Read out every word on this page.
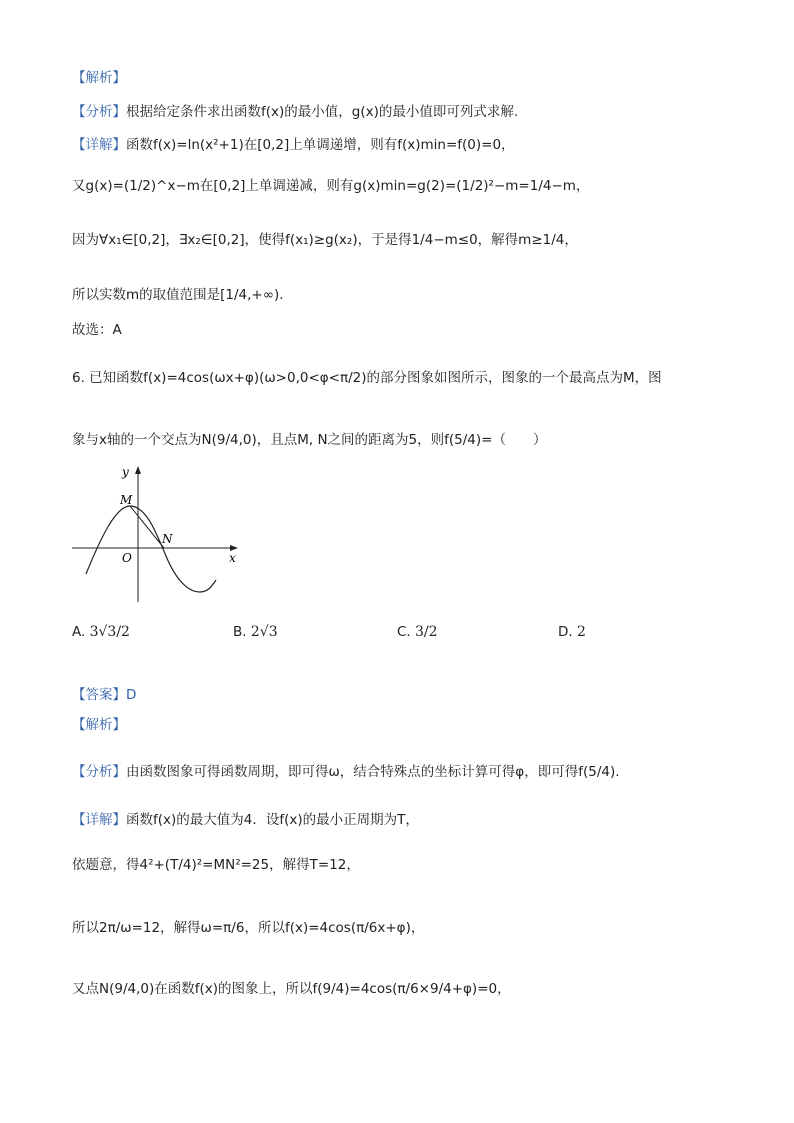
【解析】
【分析】 根据给定条件求出函数f(x)的最小值，g(x)的最小值即可列式求解.
【详解】 函数f(x)=ln(x²+1)在[0,2]上单调递增，则有f(x)min=f(0)=0，
又g(x)=(1/2)^x−m在[0,2]上单调递减，则有g(x)min=g(2)=(1/2)²−m=1/4−m，
因为∀x₁∈[0,2]，∃x₂∈[0,2]，使得f(x₁)≥g(x₂)，于是得1/4−m≤0，解得m≥1/4，
所以实数m的取值范围是[1/4,+∞).
故选：A
6. 已知函数f(x)=4cos(ωx+φ)(ω>0,0<φ<π/2)的部分图象如图所示，图象的一个最高点为M，图
象与x轴的一个交点为N(9/4,0)，且点M, N之间的距离为5，则f(5/4)=（　　）
y
x
M
N
O
A.
3√3/2	B.
2√3	C.
3/2	D.
2
【答案】D
【解析】
【分析】 由函数图象可得函数周期，即可得ω，结合特殊点的坐标计算可得φ，即可得f(5/4).
【详解】 函数f(x)的最大值为4．设f(x)的最小正周期为T，
依题意，得4²+(T/4)²=MN²=25，解得T=12，
所以2π/ω=12，解得ω=π/6，所以f(x)=4cos(π/6x+φ)，
又点N(9/4,0)在函数f(x)的图象上，所以f(9/4)=4cos(π/6×9/4+φ)=0，
